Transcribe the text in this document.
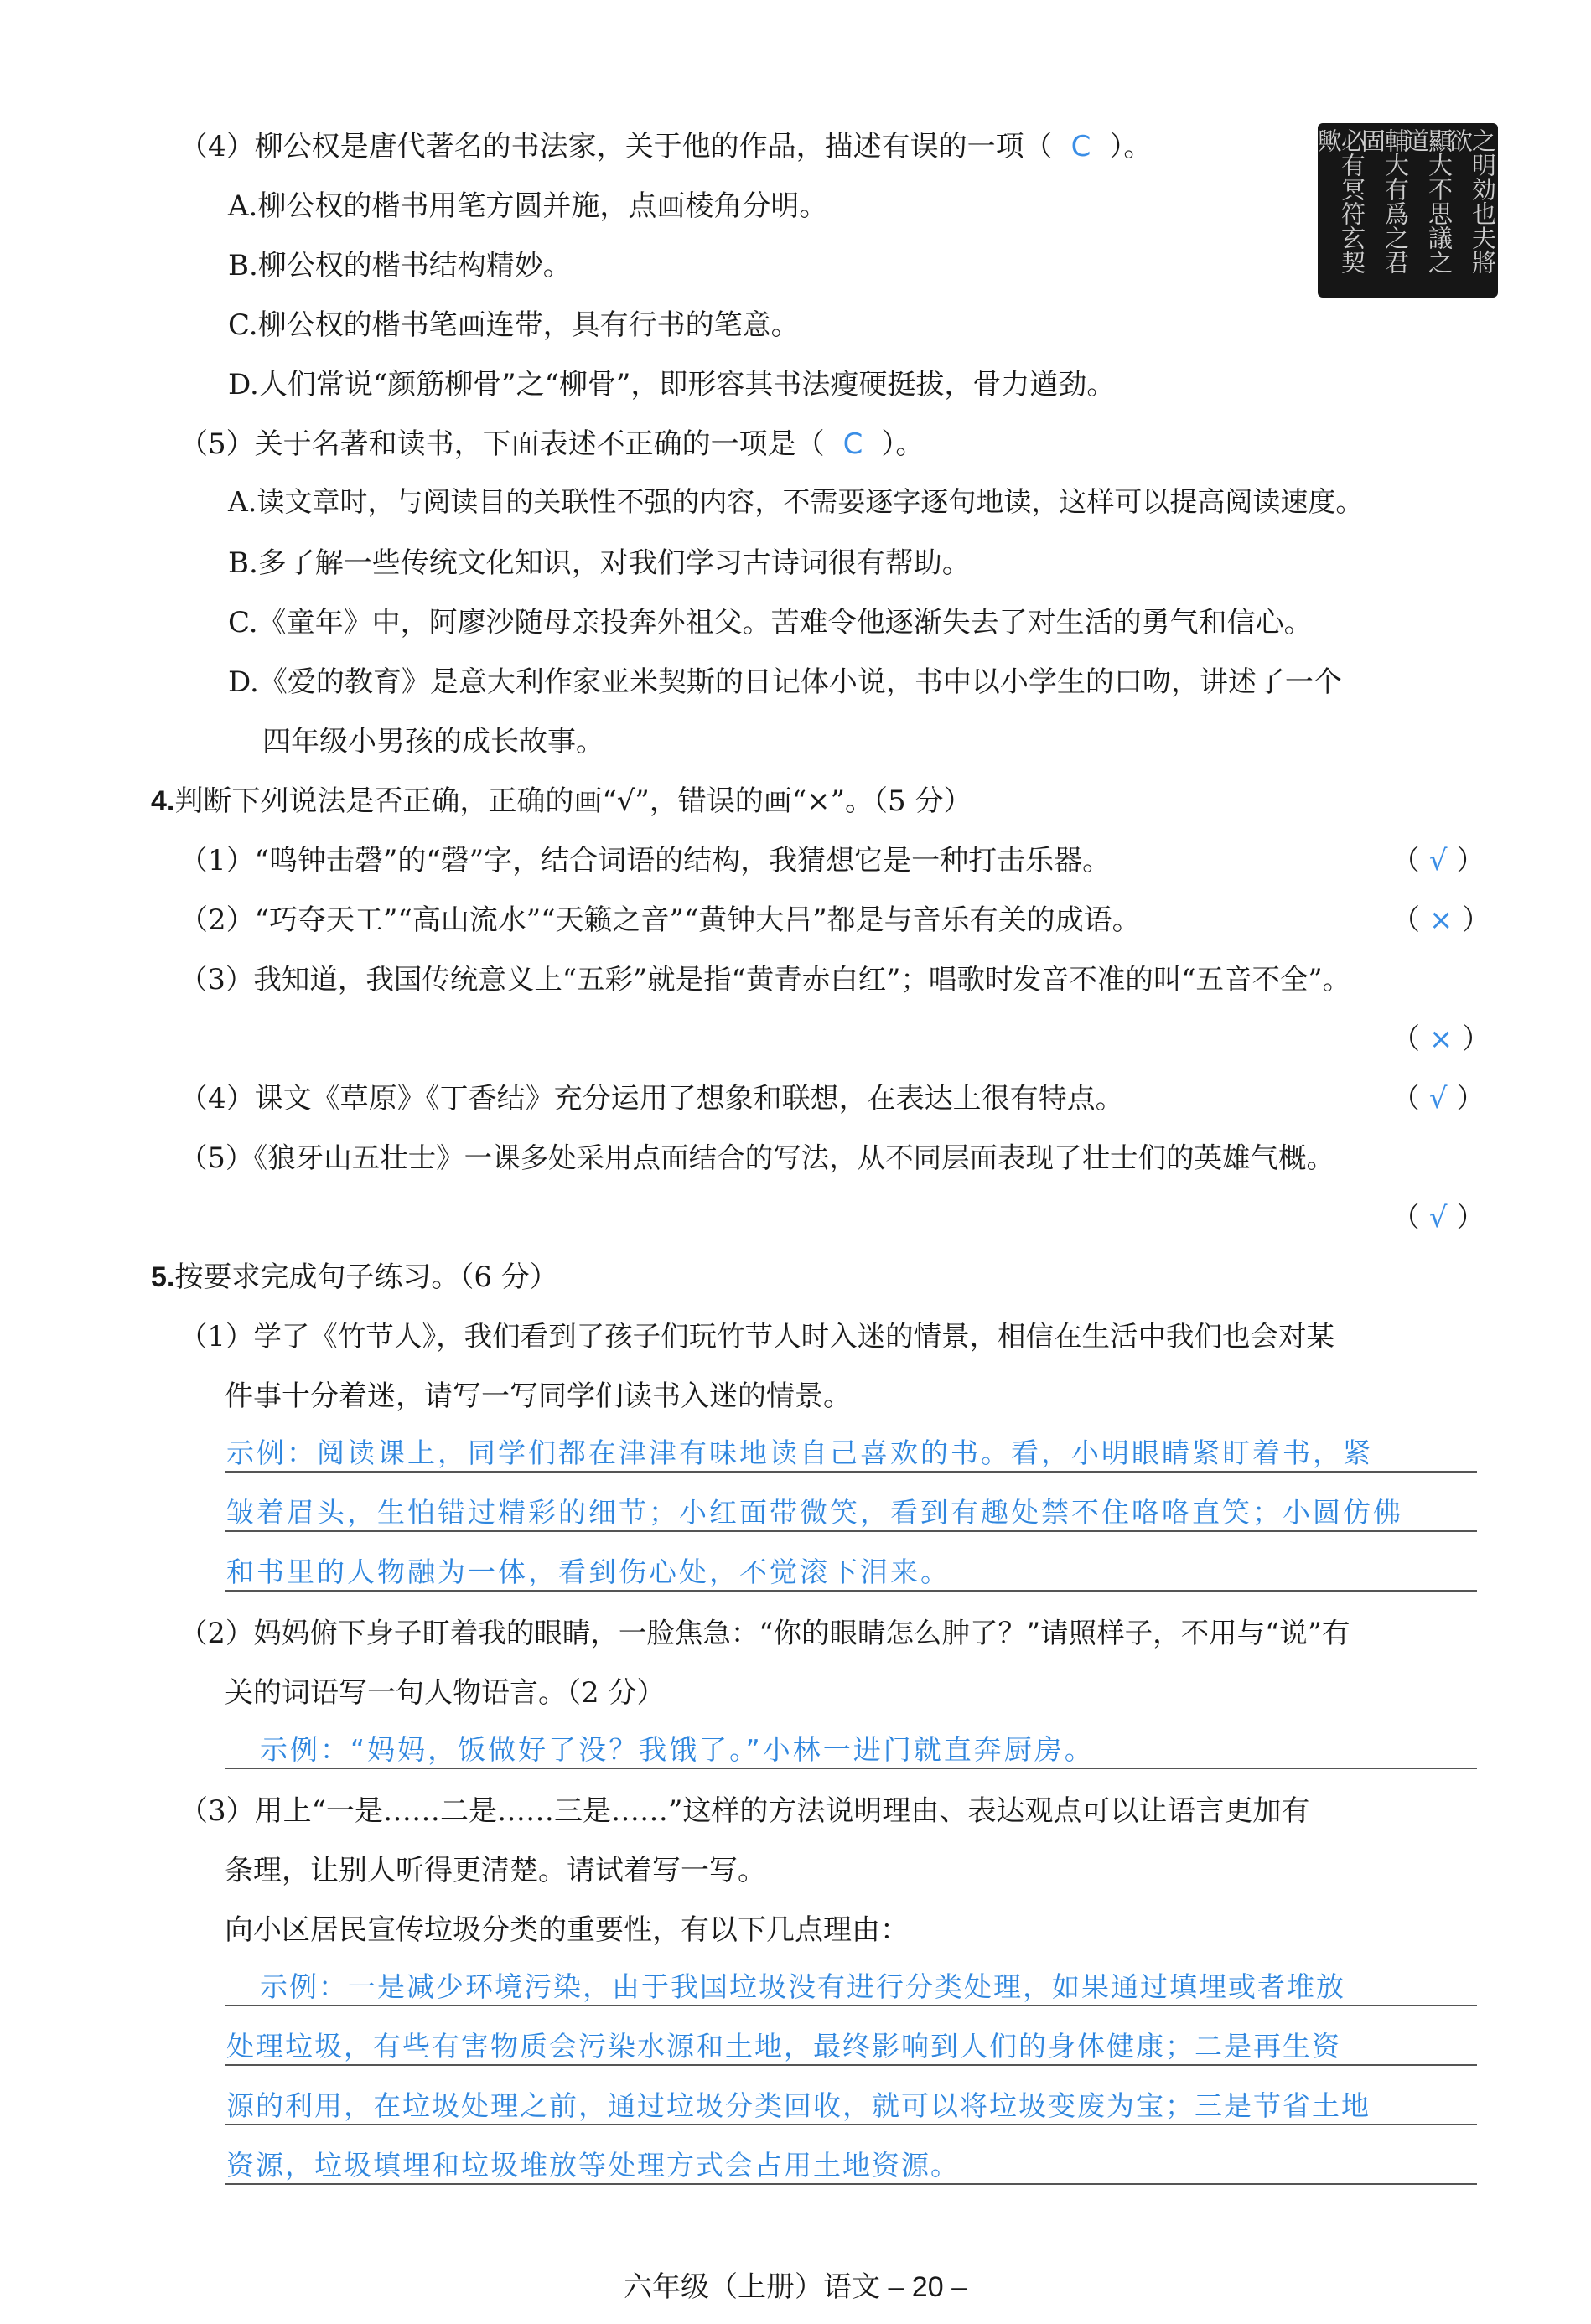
（4）柳公权是唐代著名的书法家，关于他的作品，描述有误的一项（ C ）。
A.柳公权的楷书用笔方圆并施，点画棱角分明。
B.柳公权的楷书结构精妙。
C.柳公权的楷书笔画连带，具有行书的笔意。
D.人们常说“颜筋柳骨”之“柳骨”，即形容其书法瘦硬挺拔，骨力遒劲。
之明効也夫將欲
顯大不思議之道
輔大有爲之君固
必有冥符玄契歟
（5）关于名著和读书，下面表述不正确的一项是（ C ）。
A.读文章时，与阅读目的关联性不强的内容，不需要逐字逐句地读，这样可以提高阅读速度。
B.多了解一些传统文化知识，对我们学习古诗词很有帮助。
C.《童年》中，阿廖沙随母亲投奔外祖父。苦难令他逐渐失去了对生活的勇气和信心。
D.《爱的教育》是意大利作家亚米契斯的日记体小说，书中以小学生的口吻，讲述了一个
四年级小男孩的成长故事。
4.判断下列说法是否正确，正确的画“√”，错误的画“×”。（5 分）
（1）“鸣钟击磬”的“磬”字，结合词语的结构，我猜想它是一种打击乐器。	（ √ ）
（2）“巧夺天工”“高山流水”“天籁之音”“黄钟大吕”都是与音乐有关的成语。	（ × ）
（3）我知道，我国传统意义上“五彩”就是指“黄青赤白红”；唱歌时发音不准的叫“五音不全”。
（ × ）
（4）课文《草原》《丁香结》充分运用了想象和联想，在表达上很有特点。	（ √ ）
（5）《狼牙山五壮士》一课多处采用点面结合的写法，从不同层面表现了壮士们的英雄气概。
（ √ ）
5.按要求完成句子练习。（6 分）
（1）学了《竹节人》，我们看到了孩子们玩竹节人时入迷的情景，相信在生活中我们也会对某
件事十分着迷，请写一写同学们读书入迷的情景。
示例：阅读课上，同学们都在津津有味地读自己喜欢的书。看，小明眼睛紧盯着书，紧
皱着眉头，生怕错过精彩的细节；小红面带微笑，看到有趣处禁不住咯咯直笑；小圆仿佛
和书里的人物融为一体，看到伤心处，不觉滚下泪来。
（2）妈妈俯下身子盯着我的眼睛，一脸焦急：“你的眼睛怎么肿了？”请照样子，不用与“说”有
关的词语写一句人物语言。（2 分）
示例：“妈妈，饭做好了没？我饿了。”小林一进门就直奔厨房。
（3）用上“一是……二是……三是……”这样的方法说明理由、表达观点可以让语言更加有
条理，让别人听得更清楚。请试着写一写。
向小区居民宣传垃圾分类的重要性，有以下几点理由：
示例：一是减少环境污染，由于我国垃圾没有进行分类处理，如果通过填埋或者堆放
处理垃圾，有些有害物质会污染水源和土地，最终影响到人们的身体健康；二是再生资
源的利用，在垃圾处理之前，通过垃圾分类回收，就可以将垃圾变废为宝；三是节省土地
资源，垃圾填埋和垃圾堆放等处理方式会占用土地资源。
六年级（上册）语文 – 20 –
